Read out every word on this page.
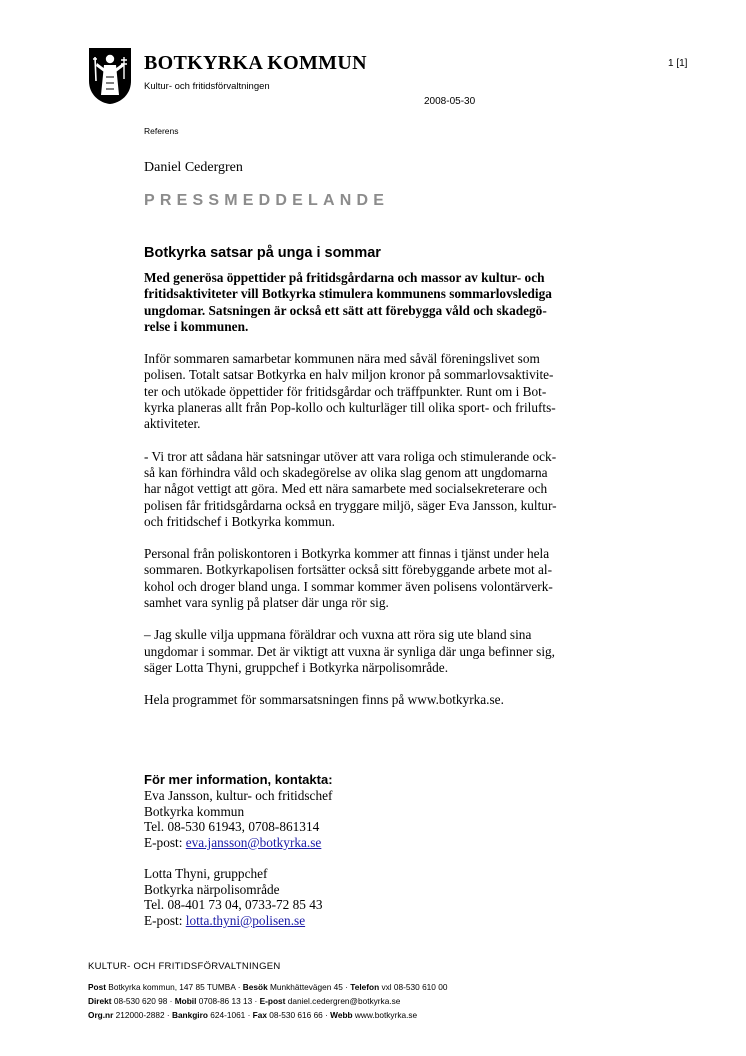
BOTKYRKA KOMMUN
Kultur- och fritidsförvaltningen
2008-05-30
1 [1]
Referens
Daniel Cedergren
PRESSMEDDELANDE
Botkyrka satsar på unga i sommar
Med generösa öppettider på fritidsgårdarna och massor av kultur- och
fritidsaktiviteter vill Botkyrka stimulera kommunens sommarlovslediga
ungdomar. Satsningen är också ett sätt att förebygga våld och skadegö-
relse i kommunen.
Inför sommaren samarbetar kommunen nära med såväl föreningslivet som
polisen. Totalt satsar Botkyrka en halv miljon kronor på sommarlovsaktivite-
ter och utökade öppettider för fritidsgårdar och träffpunkter. Runt om i Bot-
kyrka planeras allt från Pop-kollo och kulturläger till olika sport- och frilufts-
aktiviteter.
- Vi tror att sådana här satsningar utöver att vara roliga och stimulerande ock-
så kan förhindra våld och skadegörelse av olika slag genom att ungdomarna
har något vettigt att göra. Med ett nära samarbete med socialsekreterare och
polisen får fritidsgårdarna också en tryggare miljö, säger Eva Jansson, kultur-
och fritidschef i Botkyrka kommun.
Personal från poliskontoren i Botkyrka kommer att finnas i tjänst under hela
sommaren. Botkyrkapolisen fortsätter också sitt förebyggande arbete mot al-
kohol och droger bland unga. I sommar kommer även polisens volontärverk-
samhet vara synlig på platser där unga rör sig.
– Jag skulle vilja uppmana föräldrar och vuxna att röra sig ute bland sina
ungdomar i sommar. Det är viktigt att vuxna är synliga där unga befinner sig,
säger Lotta Thyni, gruppchef i Botkyrka närpolisområde.
Hela programmet för sommarsatsningen finns på www.botkyrka.se.
För mer information, kontakta:
Eva Jansson, kultur- och fritidschef
Botkyrka kommun
Tel. 08-530 61943, 0708-861314
E-post: eva.jansson@botkyrka.se
Lotta Thyni, gruppchef
Botkyrka närpolisområde
Tel. 08-401 73 04, 0733-72 85 43
E-post: lotta.thyni@polisen.se
KULTUR- OCH FRITIDSFÖRVALTNINGEN
Post Botkyrka kommun, 147 85 TUMBA · Besök Munkhättevägen 45 · Telefon vxl 08-530 610 00
Direkt 08-530 620 98 · Mobil 0708-86 13 13 · E-post daniel.cedergren@botkyrka.se
Org.nr 212000-2882 · Bankgiro 624-1061 · Fax 08-530 616 66 · Webb www.botkyrka.se
